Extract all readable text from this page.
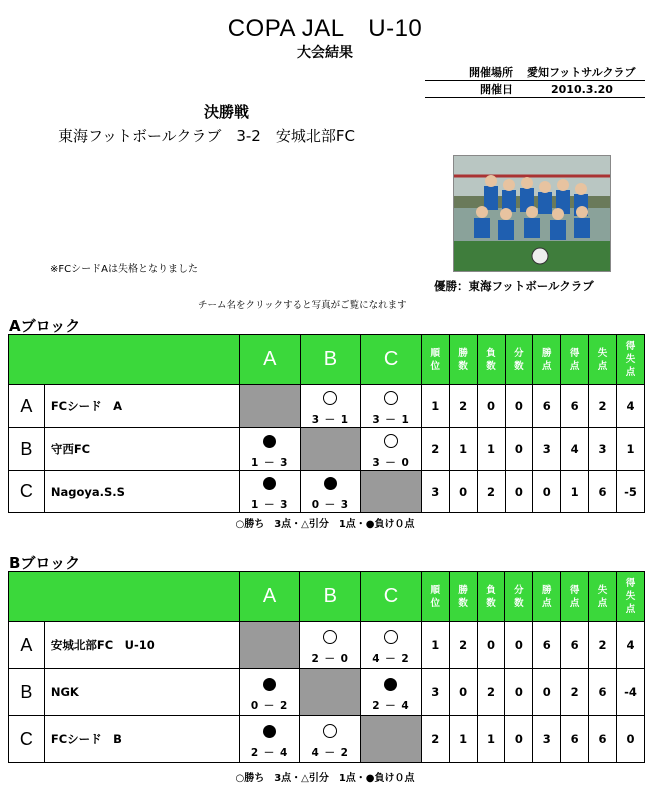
COPA JAL　U-10
大会結果
開催場所	愛知フットサルクラブ
開催日	2010.3.20
決勝戦
東海フットボールクラブ　3-2　安城北部FC
※FCシードAは失格となりました
優勝：東海フットボールクラブ
チーム名をクリックすると写真がご覧になれます
Aブロック
		A	B	C	順位	勝数	負数	分数	勝点	得点	失点	得失点
A	FCシード　A		3 － 1	3 － 1	1	2	0	0	6	6	2	4
B	守西FC	1 － 3		3 － 0	2	1	1	0	3	4	3	1
C	Nagoya.S.S	1 － 3	0 － 3		3	0	2	0	0	1	6	-5
○勝ち　3点・△引分　1点・●負け０点
Bブロック
		A	B	C	順位	勝数	負数	分数	勝点	得点	失点	得失点
A	安城北部FC　U-10		2 － 0	4 － 2	1	2	0	0	6	6	2	4
B	NGK	0 － 2		2 － 4	3	0	2	0	0	2	6	-4
C	FCシード　B	2 － 4	4 － 2		2	1	1	0	3	6	6	0
○勝ち　3点・△引分　1点・●負け０点
